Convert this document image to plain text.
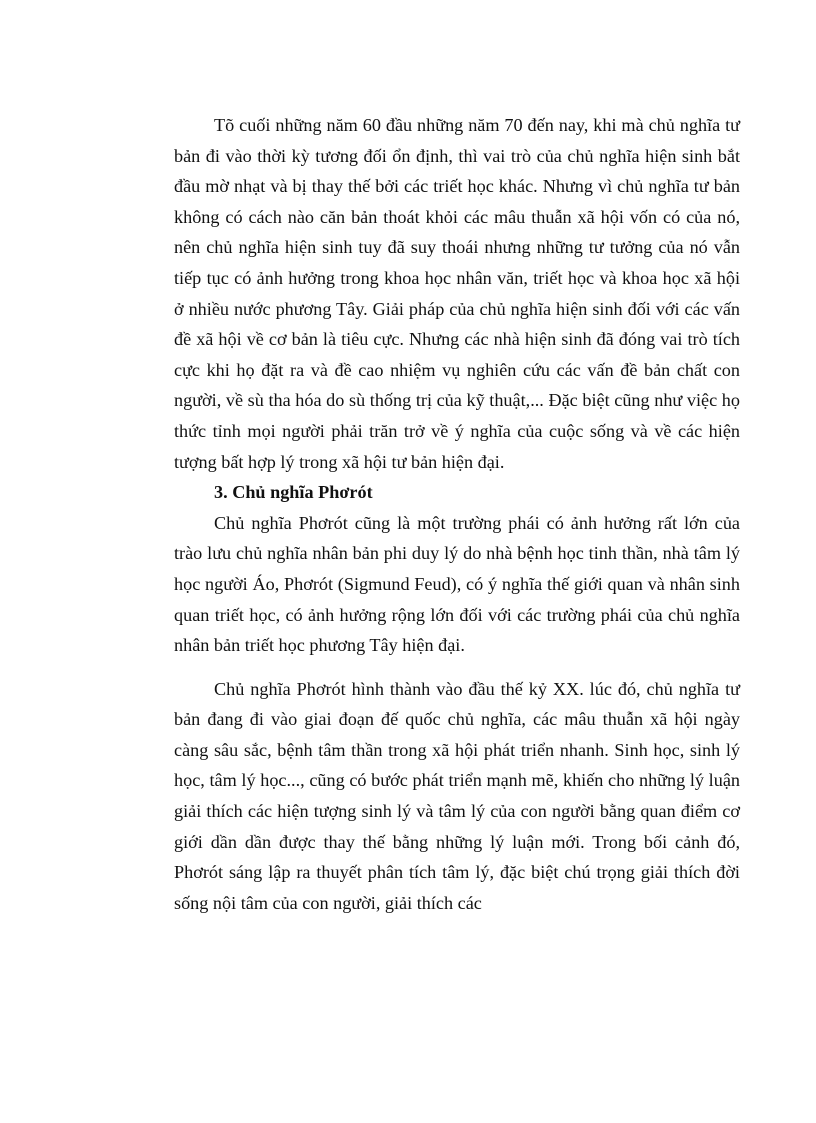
Tõ cuối những năm 60 đầu những năm 70 đến nay, khi mà chủ nghĩa tư bản đi vào thời kỳ tương đối ổn định, thì vai trò của chủ nghĩa hiện sinh bắt đầu mờ nhạt và bị thay thế bởi các triết học khác. Nhưng vì chủ nghĩa tư bản không có cách nào căn bản thoát khỏi các mâu thuẫn xã hội vốn có của nó, nên chủ nghĩa hiện sinh tuy đã suy thoái nhưng những tư tưởng của nó vẫn tiếp tục có ảnh hưởng trong khoa học nhân văn, triết học và khoa học xã hội ở nhiều nước phương Tây. Giải pháp của chủ nghĩa hiện sinh đối với các vấn đề xã hội về cơ bản là tiêu cực. Nhưng các nhà hiện sinh đã đóng vai trò tích cực khi họ đặt ra và đề cao nhiệm vụ nghiên cứu các vấn đề bản chất con người, về sù tha hóa do sù thống trị của kỹ thuật,... Đặc biệt cũng như việc họ thức tỉnh mọi người phải trăn trở về ý nghĩa của cuộc sống và về các hiện tượng bất hợp lý trong xã hội tư bản hiện đại.

3. Chủ nghĩa Phơrót

Chủ nghĩa Phơrót cũng là một trường phái có ảnh hưởng rất lớn của trào lưu chủ nghĩa nhân bản phi duy lý do nhà bệnh học tinh thần, nhà tâm lý học người Áo, Phơrót (Sigmund Feud), có ý nghĩa thế giới quan và nhân sinh quan triết học, có ảnh hưởng rộng lớn đối với các trường phái của chủ nghĩa nhân bản triết học phương Tây hiện đại.

Chủ nghĩa Phơrót hình thành vào đầu thế kỷ XX. lúc đó, chủ nghĩa tư bản đang đi vào giai đoạn đế quốc chủ nghĩa, các mâu thuẫn xã hội ngày càng sâu sắc, bệnh tâm thần trong xã hội phát triển nhanh. Sinh học, sinh lý học, tâm lý học..., cũng có bước phát triển mạnh mẽ, khiến cho những lý luận giải thích các hiện tượng sinh lý và tâm lý của con người bằng quan điểm cơ giới dần dần được thay thế bằng những lý luận mới. Trong bối cảnh đó, Phơrót sáng lập ra thuyết phân tích tâm lý, đặc biệt chú trọng giải thích đời sống nội tâm của con người, giải thích các
